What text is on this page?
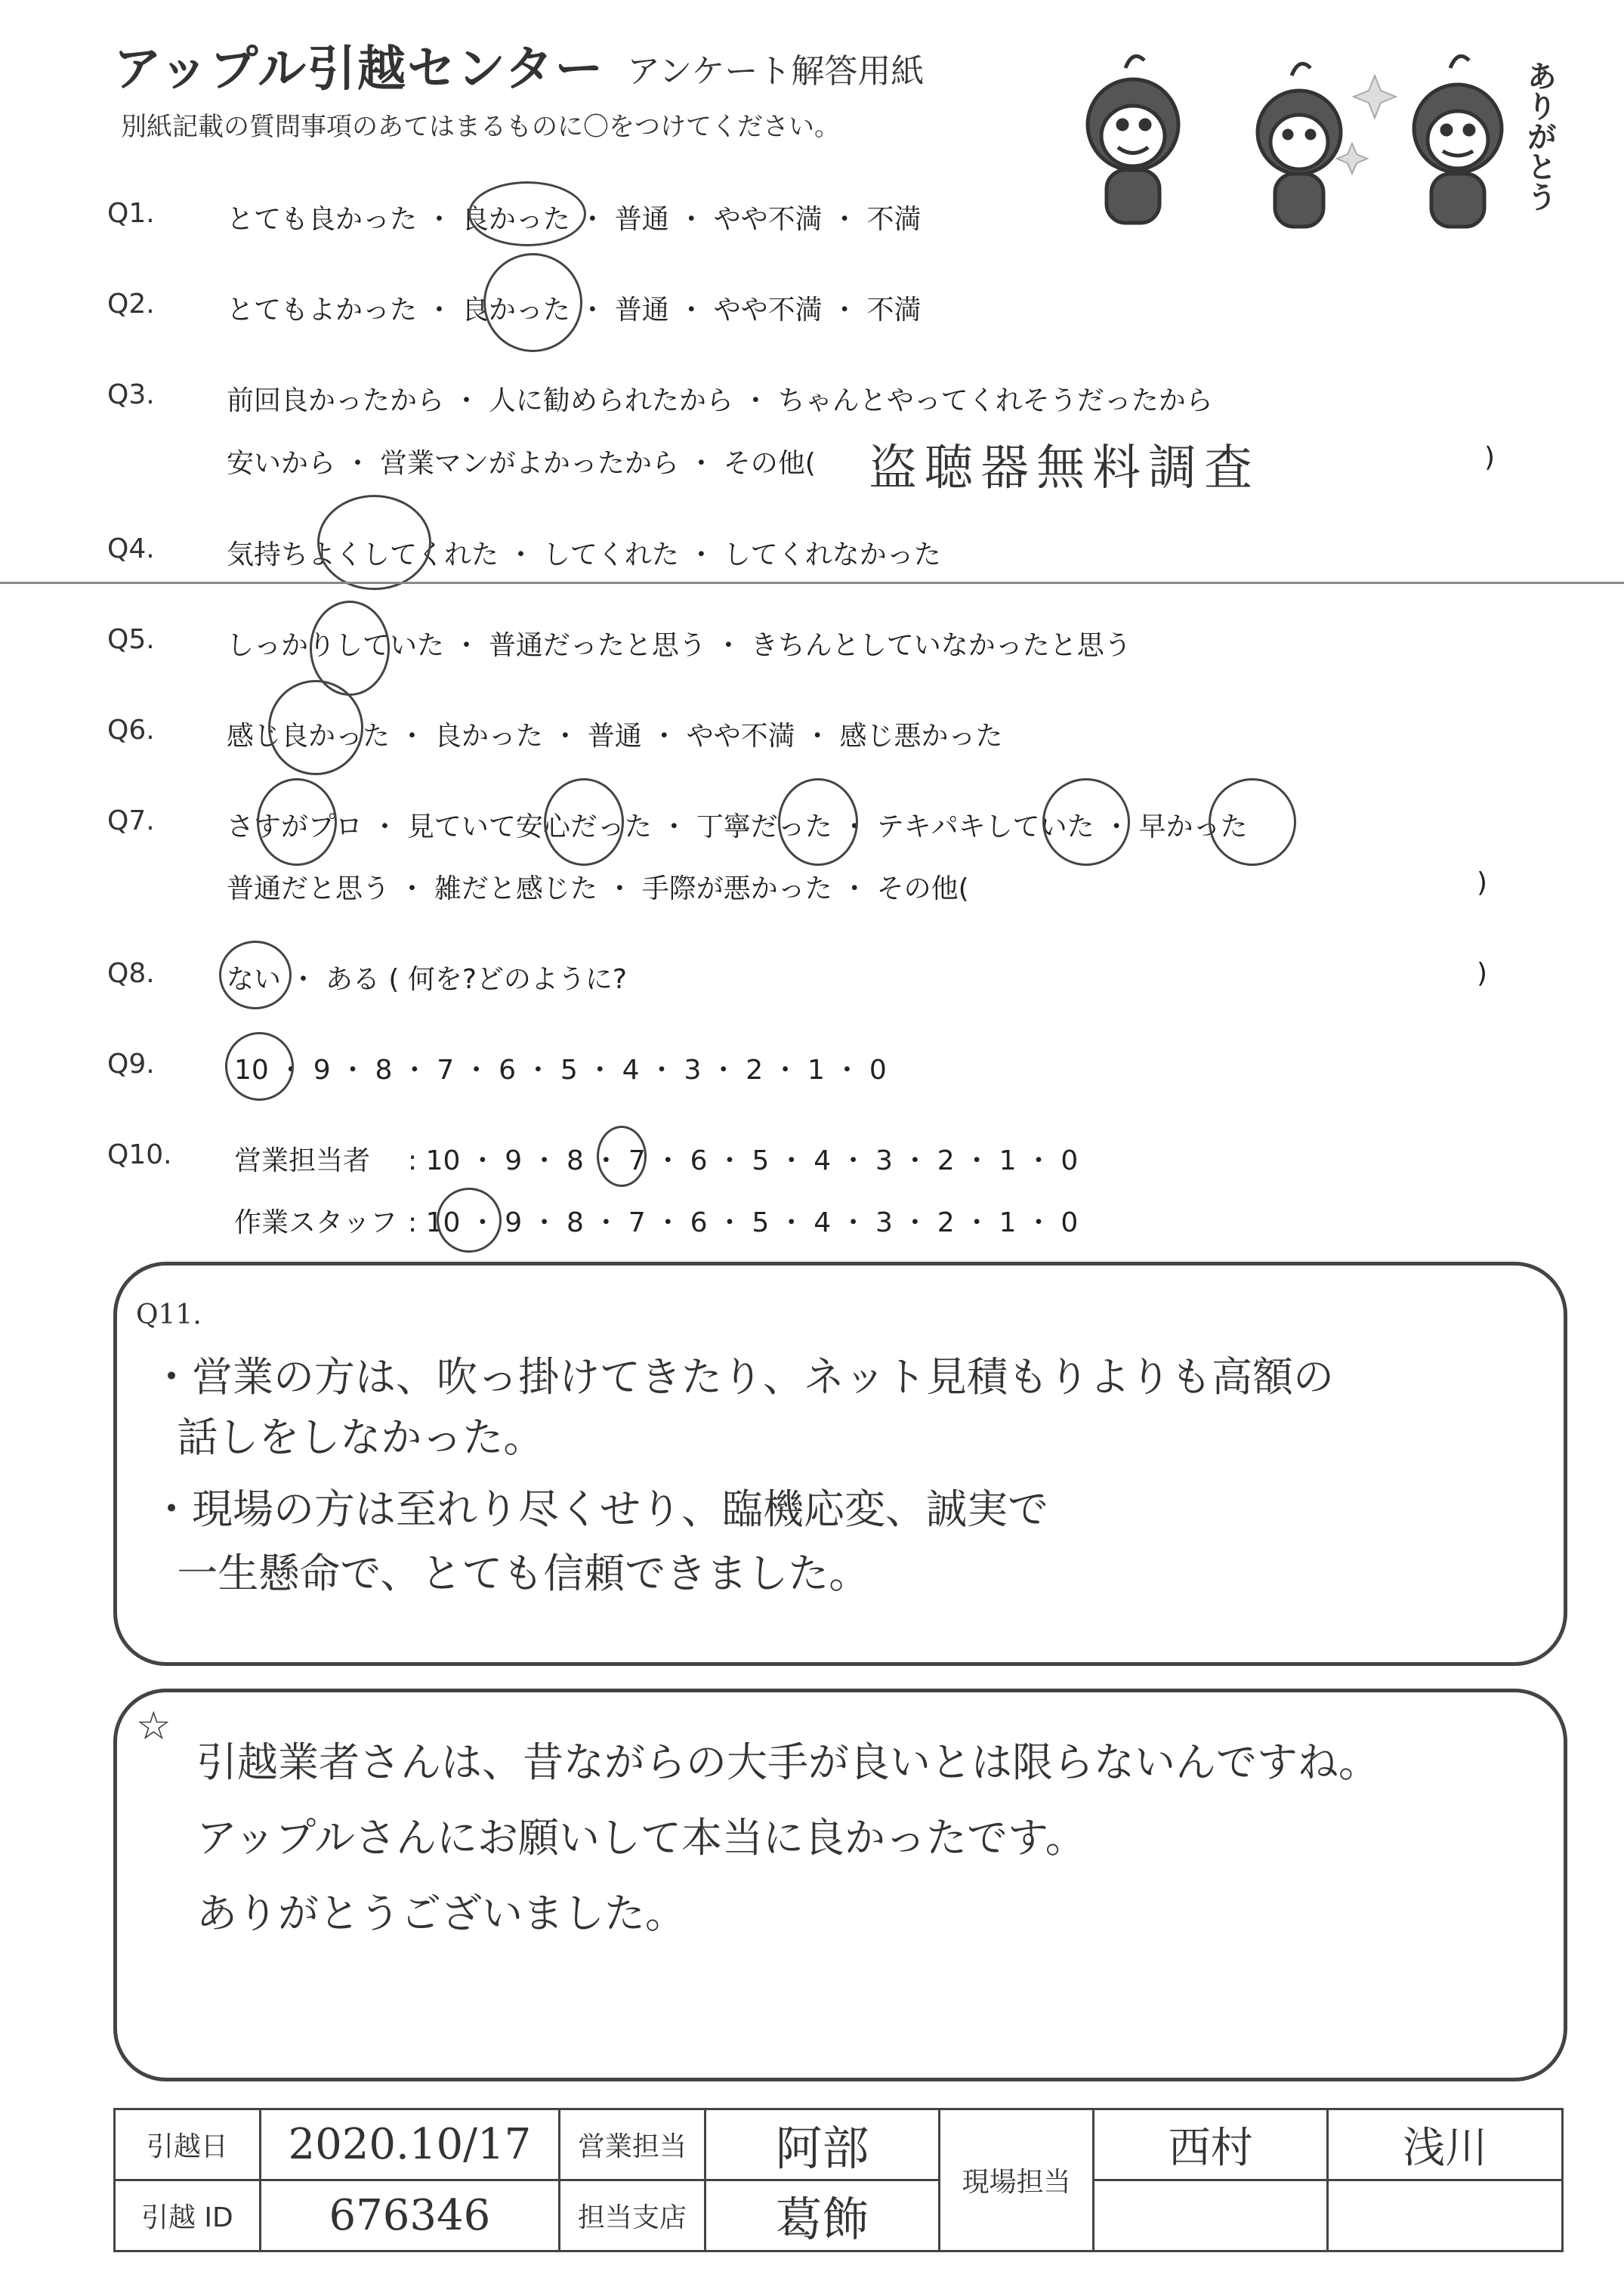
アップル引越センター アンケート解答用紙
別紙記載の質問事項のあてはまるものに〇をつけてください。	ありがとう
Q1.	とても良かった ・ 良かった ・ 普通 ・ やや不満 ・ 不満
Q2.	とてもよかった ・ 良かった ・ 普通 ・ やや不満 ・ 不満
Q3.	前回良かったから ・ 人に勧められたから ・ ちゃんとやってくれそうだったから
安いから ・ 営業マンがよかったから ・ その他( 盗聴器無料調査	)
Q4.	気持ちよくしてくれた ・ してくれた ・ してくれなかった
Q5.	しっかりしていた ・ 普通だったと思う ・ きちんとしていなかったと思う
Q6.	感じ良かった ・ 良かった ・ 普通 ・ やや不満 ・ 感じ悪かった
Q7.	さすがプロ ・ 見ていて安心だった ・ 丁寧だった ・ テキパキしていた ・ 早かった
普通だと思う ・ 雑だと感じた ・ 手際が悪かった ・ その他(	)
Q8.	ない ・ ある ( 何を?どのように?	)
Q9.	10 ・ 9 ・ 8 ・ 7 ・ 6 ・ 5 ・ 4 ・ 3 ・ 2 ・ 1 ・ 0
Q10. 営業担当者 : 10 ・ 9 ・ 8 ・ 7 ・ 6 ・ 5 ・ 4 ・ 3 ・ 2 ・ 1 ・ 0
作業スタッフ : 10 ・ 9 ・ 8 ・ 7 ・ 6 ・ 5 ・ 4 ・ 3 ・ 2 ・ 1 ・ 0
Q11.
・営業の方は、吹っ掛けてきたり、ネット見積もりよりも高額の
話しをしなかった。
・現場の方は至れり尽くせり、臨機応変、誠実で
一生懸命で、とても信頼できました。
☆
引越業者さんは、昔ながらの大手が良いとは限らないんですね。
アップルさんにお願いして本当に良かったです。
ありがとうございました。
引越日	2020.10/17	営業担当	阿部	現場担当	西村	浅川
引越 ID	676346	担当支店	葛飾			
